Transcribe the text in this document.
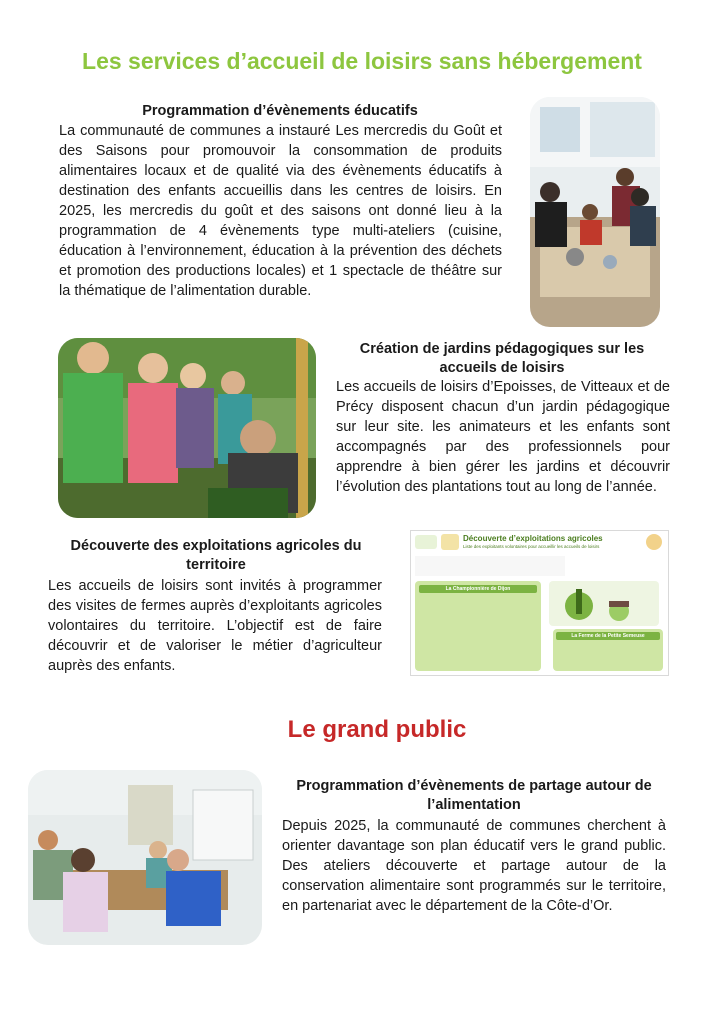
Les services d’accueil de loisirs sans hébergement
Programmation d’évènements éducatifs
La communauté de communes a instauré Les mercredis du Goût et des Saisons pour promouvoir la consommation de produits alimentaires locaux et de qualité via des évènements éducatifs à destination des enfants accueillis dans les centres de loisirs. En 2025, les mercredis du goût et des saisons ont donné lieu à la programmation de 4 évènements type multi-ateliers (cuisine, éducation à l’environnement, éducation à la prévention des déchets et promotion des productions locales) et 1 spectacle de théâtre sur la thématique de l’alimentation durable.
Création de jardins pédagogiques sur les accueils de loisirs
Les accueils de loisirs d’Epoisses, de Vitteaux et de Précy disposent chacun d’un jardin pédagogique sur leur site. les animateurs et les enfants sont accompagnés par des professionnels pour apprendre à bien gérer les jardins et découvrir l’évolution des plantations tout au long de l’année.
Découverte des exploitations agricoles du territoire
Les accueils de loisirs sont invités à programmer des visites de fermes auprès d’exploitants agricoles volontaires du territoire. L’objectif est de faire découvrir et de valoriser le métier d’agriculteur auprès des enfants.
Découverte d’exploitations agricoles
Liste des exploitants volontaires pour accueillir les accueils de loisirs
La Championnière de Dijon
La Ferme de la Petite Semeuse
Le grand public
Programmation d’évènements de partage autour de l’alimentation
Depuis 2025, la communauté de communes cherchent à orienter davantage son plan éducatif vers le grand public. Des ateliers découverte et partage autour de la conservation alimentaire sont programmés sur le territoire, en partenariat avec le département de la Côte-d’Or.
